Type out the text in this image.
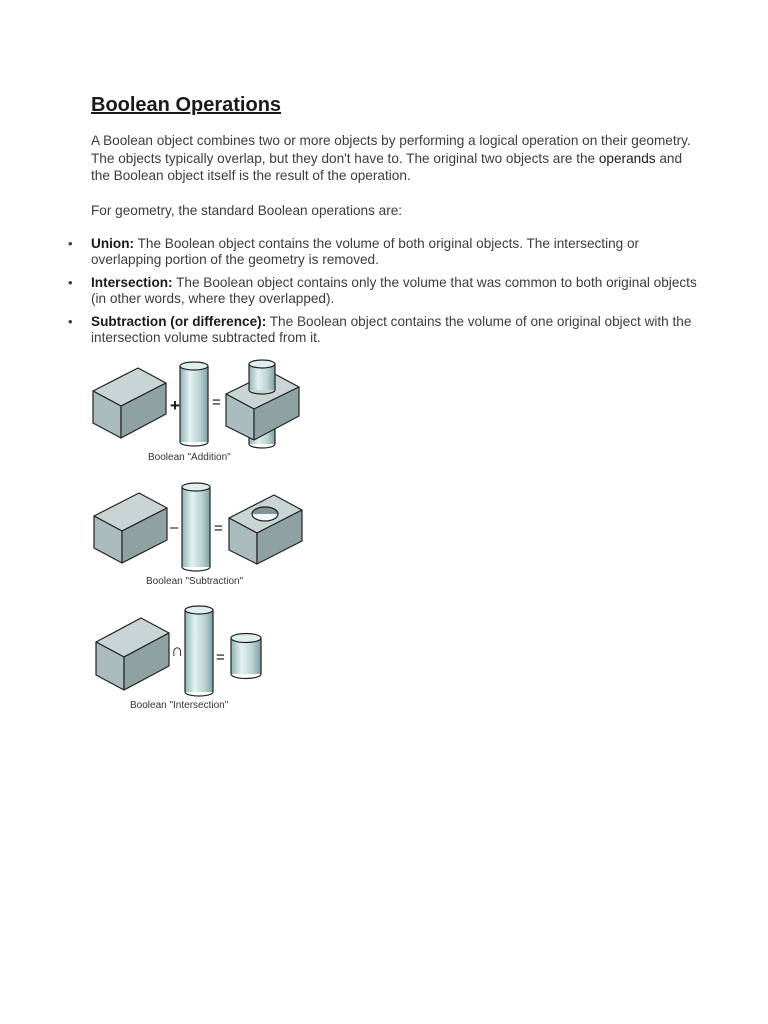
Boolean Operations

A Boolean object combines two or more objects by performing a logical operation on their geometry. The objects typically overlap, but they don't have to. The original two objects are the operands and the Boolean object itself is the result of the operation.

For geometry, the standard Boolean operations are:

• Union: The Boolean object contains the volume of both original objects. The intersecting or overlapping portion of the geometry is removed.
• Intersection: The Boolean object contains only the volume that was common to both original objects (in other words, where they overlapped).
• Subtraction (or difference): The Boolean object contains the volume of one original object with the intersection volume subtracted from it.
+ =
Boolean "Addition"
– =
Boolean "Subtraction"
∩ =
Boolean "Intersection"
